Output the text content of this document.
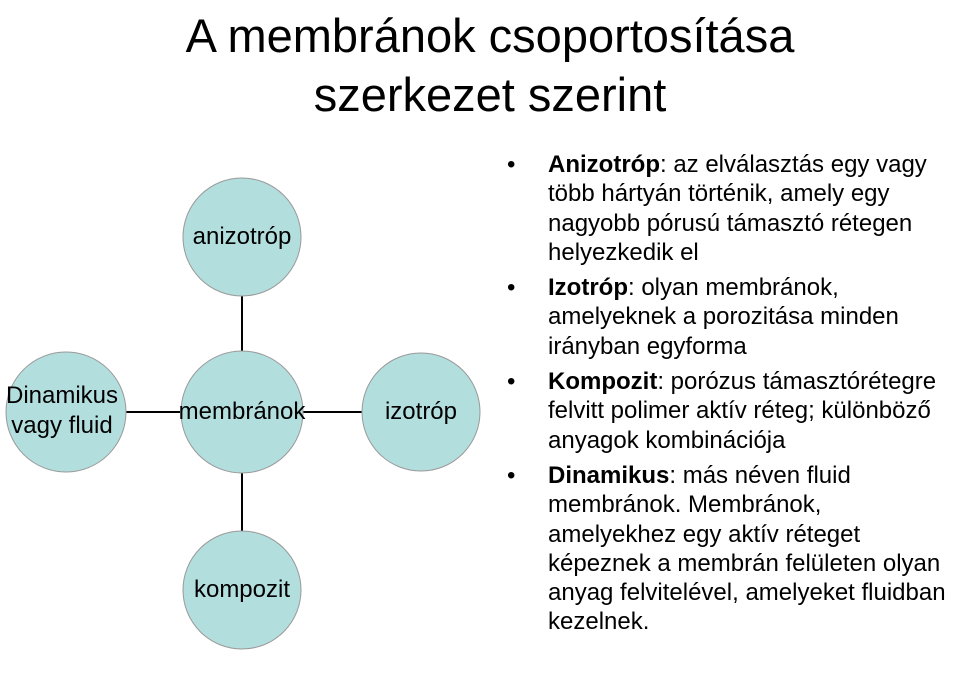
A membránok csoportosítása
szerkezet szerint
anizotróp
membránok	izotróp
kompozit
Dinamikus
vagy fluid
• Anizotróp: az elválasztás egy vagy több hártyán történik, amely egy nagyobb pórusú támasztó rétegen helyezkedik el
• Izotróp: olyan membránok, amelyeknek a porozitása minden irányban egyforma
• Kompozit: porózus támasztórétegre felvitt polimer aktív réteg; különböző anyagok kombinációja
• Dinamikus: más néven fluid membránok. Membránok, amelyekhez egy aktív réteget képeznek a membrán felületen olyan anyag felvitelével, amelyeket fluidban kezelnek.
